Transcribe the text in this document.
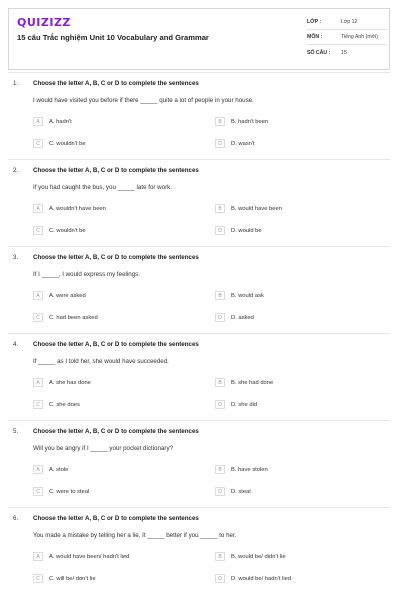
QUIZIZZ
15 câu Trắc nghiệm Unit 10 Vocabulary and Grammar
LỚP :	Lớp 12
MÔN :	Tiếng Anh (mới)
SỐ CÂU :	15
1. Choose the letter A, B, C or D to complete the sentences
I would have visited you before if there _____ quite a lot of people in your house.
A	A. hadn't	B	B. hadn't been
C	C. wouldn't be	D	D. wasn't
2. Choose the letter A, B, C or D to complete the sentences
If you had caught the bus, you _____ late for work.
A	A. wouldn't have been	B	B. would have been
C	C. wouldn't be	D	D. would be
3. Choose the letter A, B, C or D to complete the sentences
If I _____, I would express my feelings.
A	A. were asked	B	B. would ask
C	C. had been asked	D	D. asked
4. Choose the letter A, B, C or D to complete the sentences
If _____ as I told her, she would have succeeded.
A	A. she has done	B	B. she had done
C	C. she does	D	D. she did
5. Choose the letter A, B, C or D to complete the sentences
Will you be angry if I _____ your pocket dictionary?
A	A. stole	B	B. have stolen
C	C. were to steal	D	D. steal
6. Choose the letter A, B, C or D to complete the sentences
You made a mistake by telling her a lie. It _____ better if you _____ to her.
A	A. would have been/ hadn't lied	B	B. would be/ didn't lie
C	C. will be/ don't lie	D	D. would be/ hadn't lied
